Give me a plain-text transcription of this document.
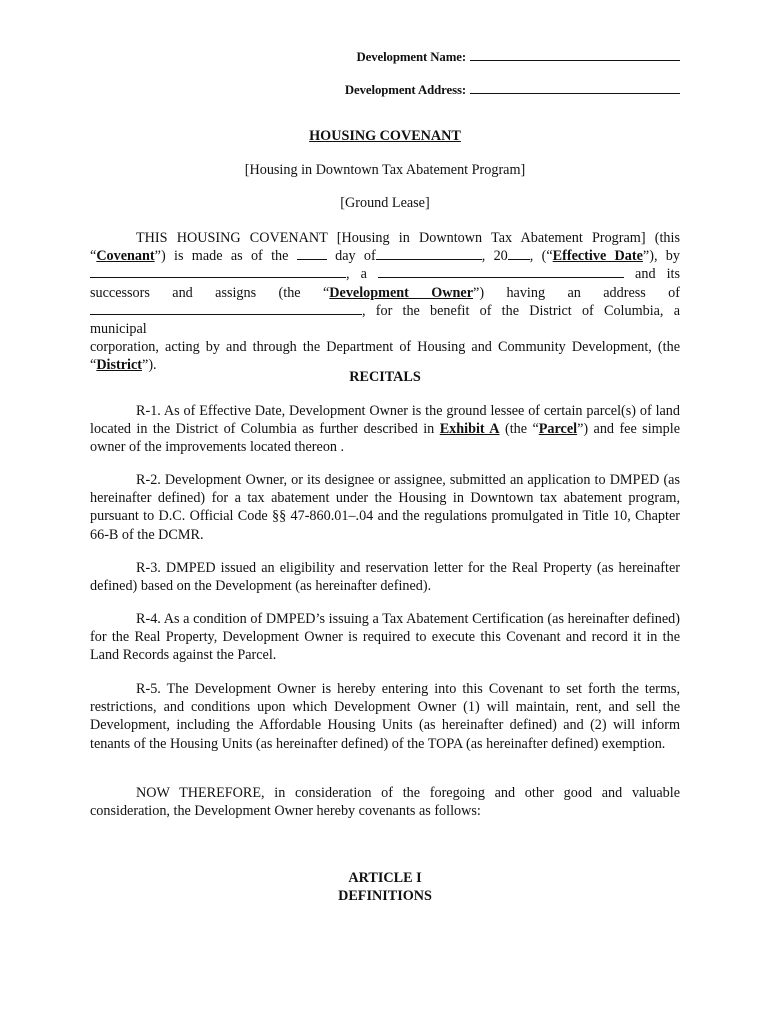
Development Name:
Development Address:
HOUSING COVENANT
[Housing in Downtown Tax Abatement Program]
[Ground Lease]
THIS HOUSING COVENANT [Housing in Downtown Tax Abatement Program] (this
“Covenant”) is made as of the	day of	, 20 , (“Effective Date”), by
, a	and its
successors and assigns (the “Development Owner”) having an address of
, for the benefit of the District of Columbia, a municipal
corporation, acting by and through the Department of Housing and Community Development, (the
“District”).
RECITALS
R-1. As of Effective Date, Development Owner is the ground lessee of certain parcel(s) of land located in the District of Columbia as further described in Exhibit A (the “Parcel”) and fee simple owner of the improvements located thereon .
R-2. Development Owner, or its designee or assignee, submitted an application to DMPED (as hereinafter defined) for a tax abatement under the Housing in Downtown tax abatement program, pursuant to D.C. Official Code §§ 47-860.01–.04 and the regulations promulgated in Title 10, Chapter 66-B of the DCMR.
R-3. DMPED issued an eligibility and reservation letter for the Real Property (as hereinafter defined) based on the Development (as hereinafter defined).
R-4. As a condition of DMPED’s issuing a Tax Abatement Certification (as hereinafter defined) for the Real Property, Development Owner is required to execute this Covenant and record it in the Land Records against the Parcel.
R-5. The Development Owner is hereby entering into this Covenant to set forth the terms, restrictions, and conditions upon which Development Owner (1) will maintain, rent, and sell the Development, including the Affordable Housing Units (as hereinafter defined) and (2) will inform tenants of the Housing Units (as hereinafter defined) of the TOPA (as hereinafter defined) exemption.
NOW THEREFORE, in consideration of the foregoing and other good and valuable consideration, the Development Owner hereby covenants as follows:
ARTICLE I
DEFINITIONS
